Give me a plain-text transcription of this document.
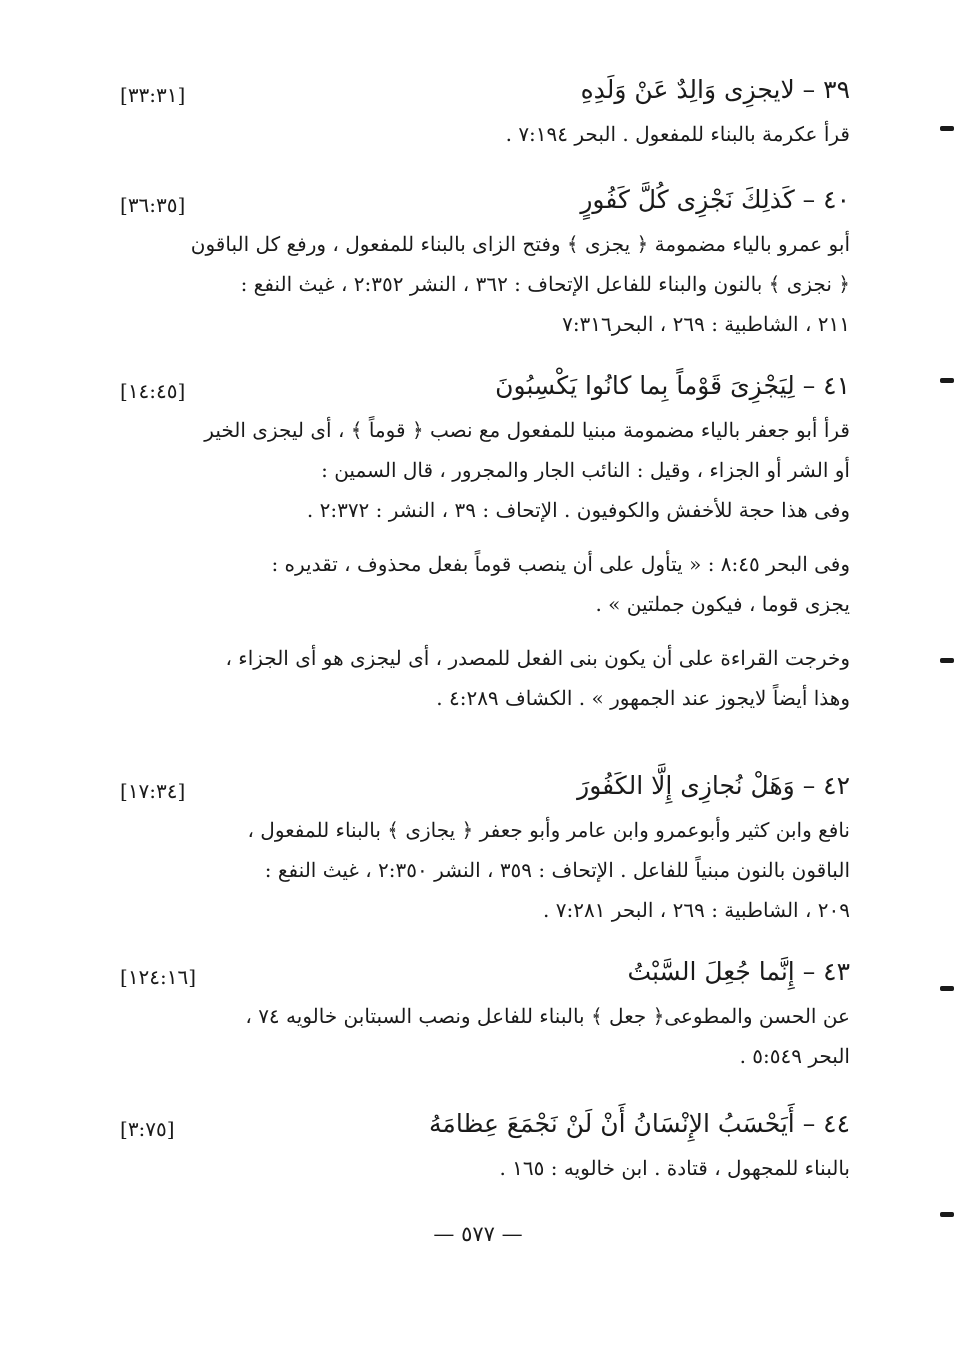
٣٩ – لايجزِى وَالِدٌ عَنْ وَلَدِهِ
[٣٣:٣١]
قرأ عكرمة بالبناء للمفعول . البحر ٧:١٩٤ .
٤٠ – كَذلِكَ نَجْزِى كُلَّ كَفُورٍ
[٣٦:٣٥]
أبو عمرو بالياء مضمومة ﴿ يجزى ﴾ وفتح الزاى بالبناء للمفعول ، ورفع كل الباقون
﴿ نجزى ﴾ بالنون والبناء للفاعل الإتحاف : ٣٦٢ ، النشر ٢:٣٥٢ ، غيث النفع :
٢١١ ، الشاطبية : ٢٦٩ ، البحر٧:٣١٦
٤١ – لِيَجْزِىَ قَوْماً بِما كانُوا يَكْسِبُونَ
[١٤:٤٥]
قرأ أبو جعفر بالياء مضمومة مبنيا للمفعول مع نصب ﴿ قوماً ﴾ ، أى ليجزى الخير
أو الشر أو الجزاء ، وقيل : النائب الجار والمجرور ، قال السمين :
وفى هذا حجة للأخفش والكوفيون . الإتحاف : ٣٩ ، النشر : ٢:٣٧٢ .
وفى البحر ٨:٤٥ : « يتأول على أن ينصب قوماً بفعل محذوف ، تقديره :
يجزى قوما ، فيكون جملتين » .
وخرجت القراءة على أن يكون بنى الفعل للمصدر ، أى ليجزى هو أى الجزاء ،
وهذا أيضاً لايجوز عند الجمهور » . الكشاف ٤:٢٨٩ .
٤٢ – وَهَلْ نُجازِى إِلَّا الكَفُورَ
[١٧:٣٤]
نافع وابن كثير وأبوعمرو وابن عامر وأبو جعفر ﴿ يجازى ﴾ بالبناء للمفعول ،
الباقون بالنون مبنياً للفاعل . الإتحاف : ٣٥٩ ، النشر ٢:٣٥٠ ، غيث النفع :
٢٠٩ ، الشاطبية : ٢٦٩ ، البحر ٧:٢٨١ .
٤٣ – إِنَّما جُعِلَ السَّبْتُ
[١٢٤:١٦]
عن الحسن والمطوعى﴿ جعل ﴾ بالبناء للفاعل ونصب السبتابن خالويه ٧٤ ،
البحر ٥:٥٤٩ .
٤٤ – أَيَحْسَبُ الإِنْسَانُ أَنْ لَنْ نَجْمَعَ عِظامَهُ
[٣:٧٥]
بالبناء للمجهول ، قتادة . ابن خالويه : ١٦٥ .
— ٥٧٧ —
